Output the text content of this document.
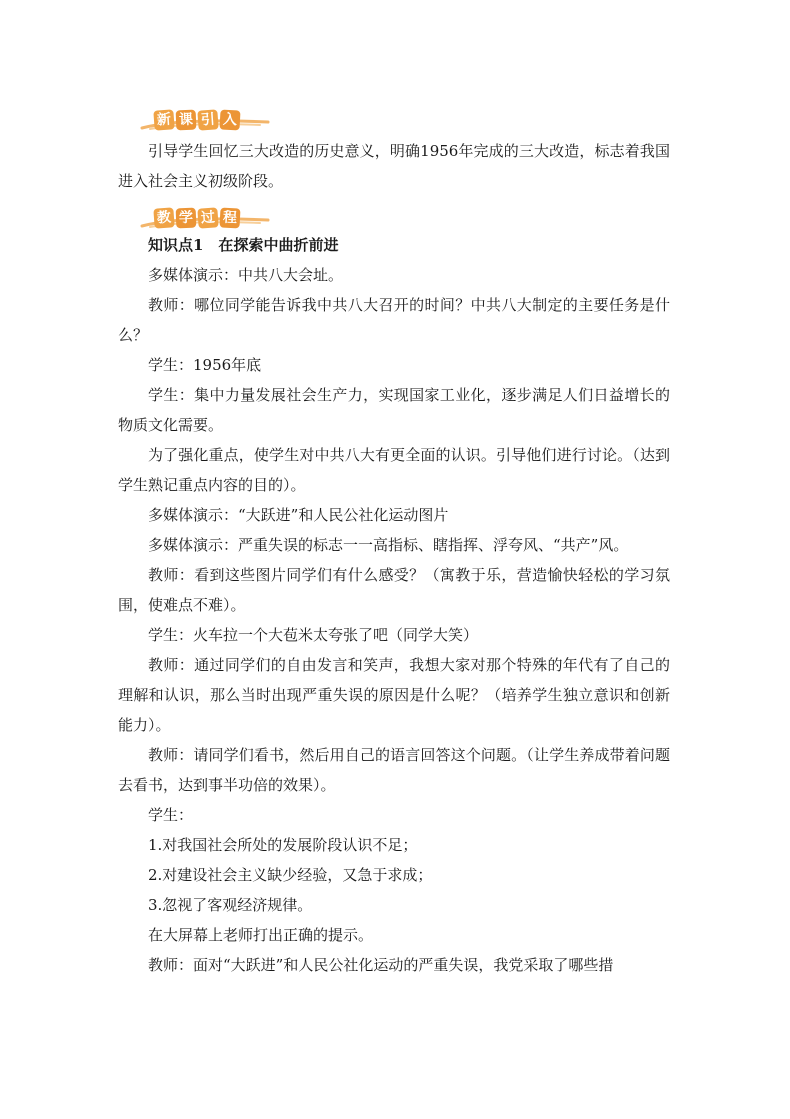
新 课 引 入

引导学生回忆三大改造的历史意义，明确1956年完成的三大改造，标志着我国进入社会主义初级阶段。

教 学 过 程

知识点1　在探索中曲折前进

多媒体演示：中共八大会址。

教师：哪位同学能告诉我中共八大召开的时间？中共八大制定的主要任务是什么？

学生：1956年底

学生：集中力量发展社会生产力，实现国家工业化，逐步满足人们日益增长的物质文化需要。

为了强化重点，使学生对中共八大有更全面的认识。引导他们进行讨论。（达到学生熟记重点内容的目的）。

多媒体演示：“大跃进”和人民公社化运动图片

多媒体演示：严重失误的标志一一高指标、瞎指挥、浮夸风、“共产”风。

教师：看到这些图片同学们有什么感受？（寓教于乐，营造愉快轻松的学习氛围，使难点不难）。

学生：火车拉一个大苞米太夸张了吧（同学大笑）

教师：通过同学们的自由发言和笑声，我想大家对那个特殊的年代有了自己的理解和认识，那么当时出现严重失误的原因是什么呢？（培养学生独立意识和创新能力）。

教师：请同学们看书，然后用自己的语言回答这个问题。（让学生养成带着问题去看书，达到事半功倍的效果）。

学生：

1.对我国社会所处的发展阶段认识不足；

2.对建设社会主义缺少经验，又急于求成；

3.忽视了客观经济规律。

在大屏幕上老师打出正确的提示。

教师：面对“大跃进”和人民公社化运动的严重失误，我党采取了哪些措
